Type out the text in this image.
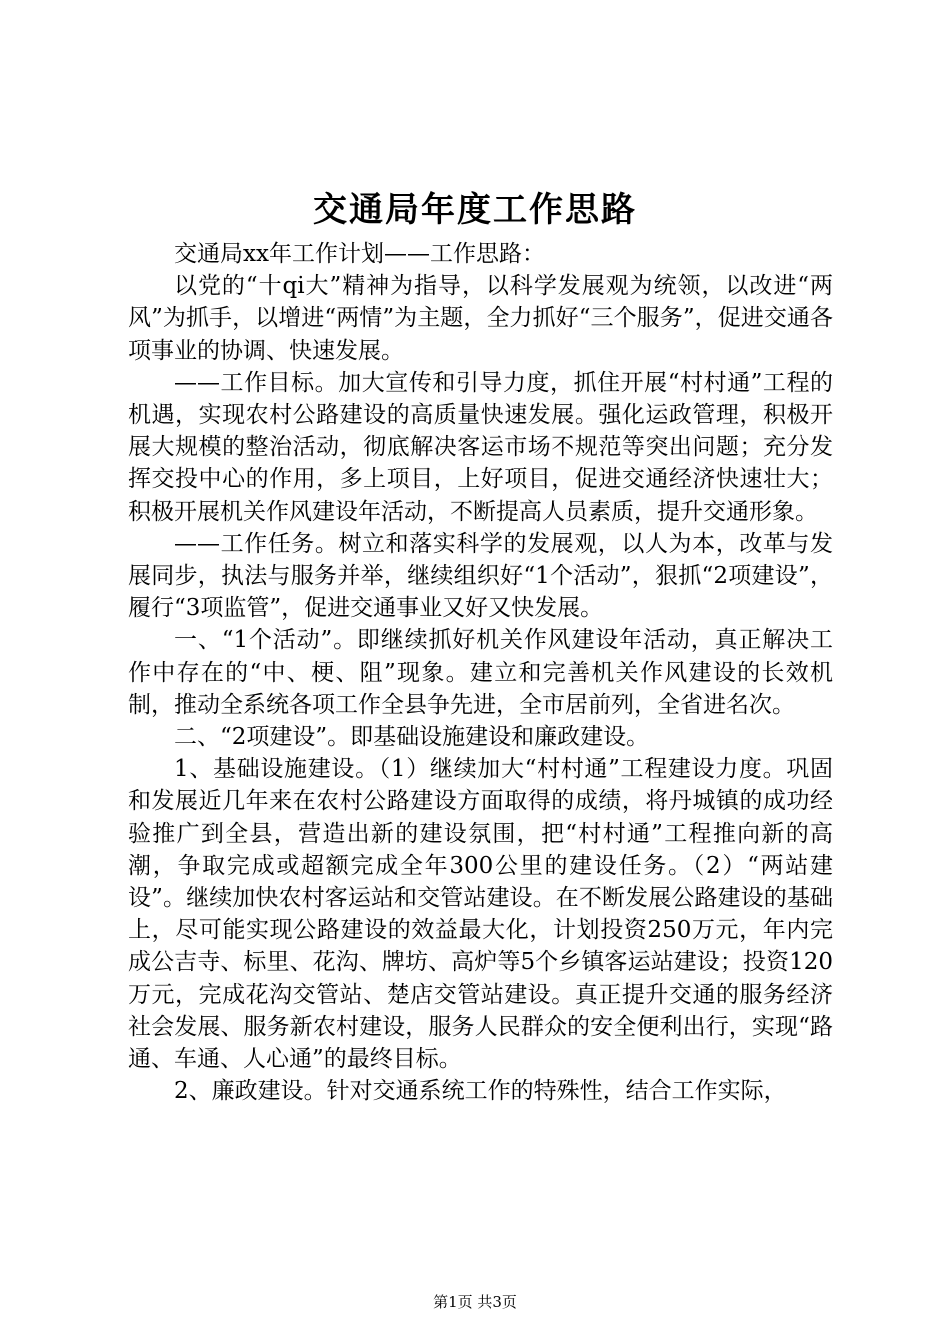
交通局年度工作思路

交通局xx年工作计划——工作思路：

以党的“十qi大”精神为指导，以科学发展观为统领，以改进“两风”为抓手，以增进“两情”为主题，全力抓好“三个服务”，促进交通各项事业的协调、快速发展。

——工作目标。加大宣传和引导力度，抓住开展“村村通”工程的机遇，实现农村公路建设的高质量快速发展。强化运政管理，积极开展大规模的整治活动，彻底解决客运市场不规范等突出问题；充分发挥交投中心的作用，多上项目，上好项目，促进交通经济快速壮大；积极开展机关作风建设年活动，不断提高人员素质，提升交通形象。

——工作任务。树立和落实科学的发展观，以人为本，改革与发展同步，执法与服务并举，继续组织好“1个活动”，狠抓“2项建设”，履行“3项监管”，促进交通事业又好又快发展。

一、“1个活动”。即继续抓好机关作风建设年活动，真正解决工作中存在的“中、梗、阻”现象。建立和完善机关作风建设的长效机制，推动全系统各项工作全县争先进，全市居前列，全省进名次。

二、“2项建设”。即基础设施建设和廉政建设。

1、基础设施建设。（1）继续加大“村村通”工程建设力度。巩固和发展近几年来在农村公路建设方面取得的成绩，将丹城镇的成功经验推广到全县，营造出新的建设氛围，把“村村通”工程推向新的高潮，争取完成或超额完成全年300公里的建设任务。（2）“两站建设”。继续加快农村客运站和交管站建设。在不断发展公路建设的基础上，尽可能实现公路建设的效益最大化，计划投资250万元，年内完成公吉寺、标里、花沟、牌坊、高炉等5个乡镇客运站建设；投资120万元，完成花沟交管站、楚店交管站建设。真正提升交通的服务经济社会发展、服务新农村建设，服务人民群众的安全便利出行，实现“路通、车通、人心通”的最终目标。

2、廉政建设。针对交通系统工作的特殊性，结合工作实际，

第1页 共3页
